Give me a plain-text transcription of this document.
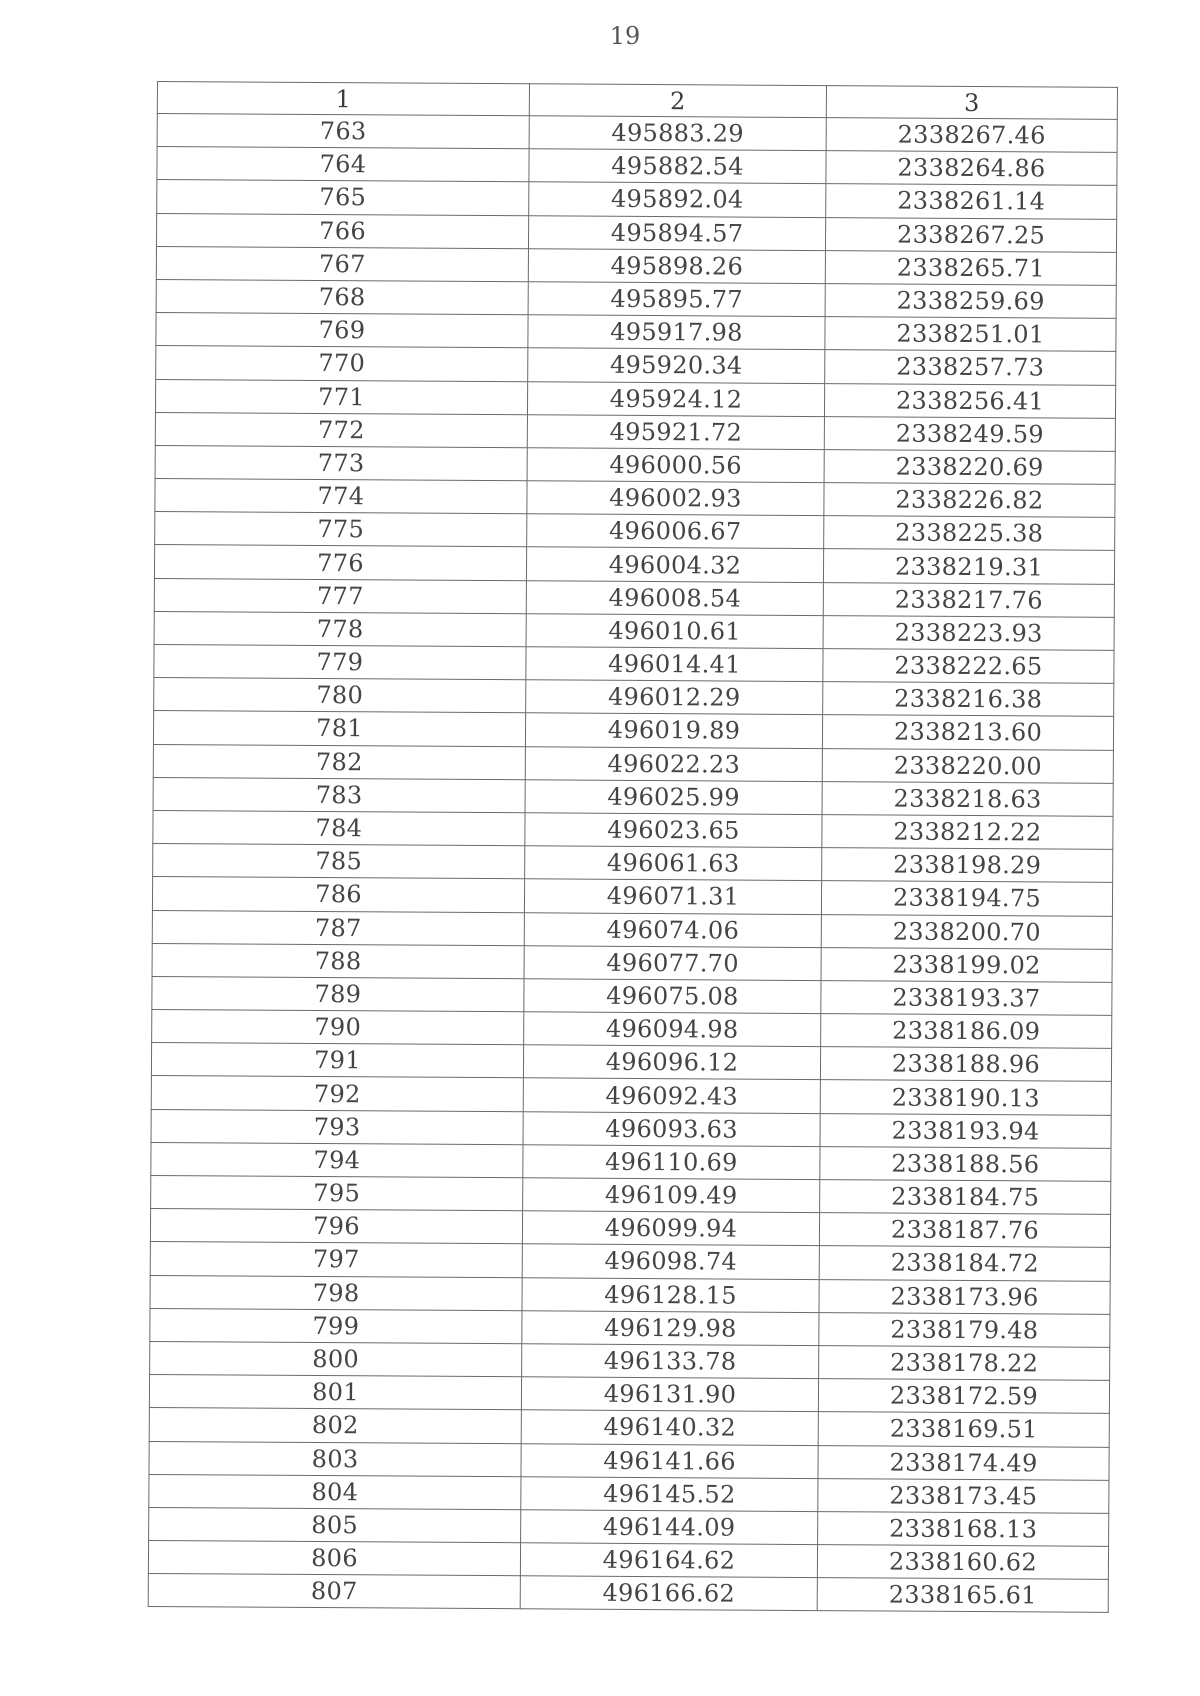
19
1	2	3
763	495883.29	2338267.46
764	495882.54	2338264.86
765	495892.04	2338261.14
766	495894.57	2338267.25
767	495898.26	2338265.71
768	495895.77	2338259.69
769	495917.98	2338251.01
770	495920.34	2338257.73
771	495924.12	2338256.41
772	495921.72	2338249.59
773	496000.56	2338220.69
774	496002.93	2338226.82
775	496006.67	2338225.38
776	496004.32	2338219.31
777	496008.54	2338217.76
778	496010.61	2338223.93
779	496014.41	2338222.65
780	496012.29	2338216.38
781	496019.89	2338213.60
782	496022.23	2338220.00
783	496025.99	2338218.63
784	496023.65	2338212.22
785	496061.63	2338198.29
786	496071.31	2338194.75
787	496074.06	2338200.70
788	496077.70	2338199.02
789	496075.08	2338193.37
790	496094.98	2338186.09
791	496096.12	2338188.96
792	496092.43	2338190.13
793	496093.63	2338193.94
794	496110.69	2338188.56
795	496109.49	2338184.75
796	496099.94	2338187.76
797	496098.74	2338184.72
798	496128.15	2338173.96
799	496129.98	2338179.48
800	496133.78	2338178.22
801	496131.90	2338172.59
802	496140.32	2338169.51
803	496141.66	2338174.49
804	496145.52	2338173.45
805	496144.09	2338168.13
806	496164.62	2338160.62
807	496166.62	2338165.61
